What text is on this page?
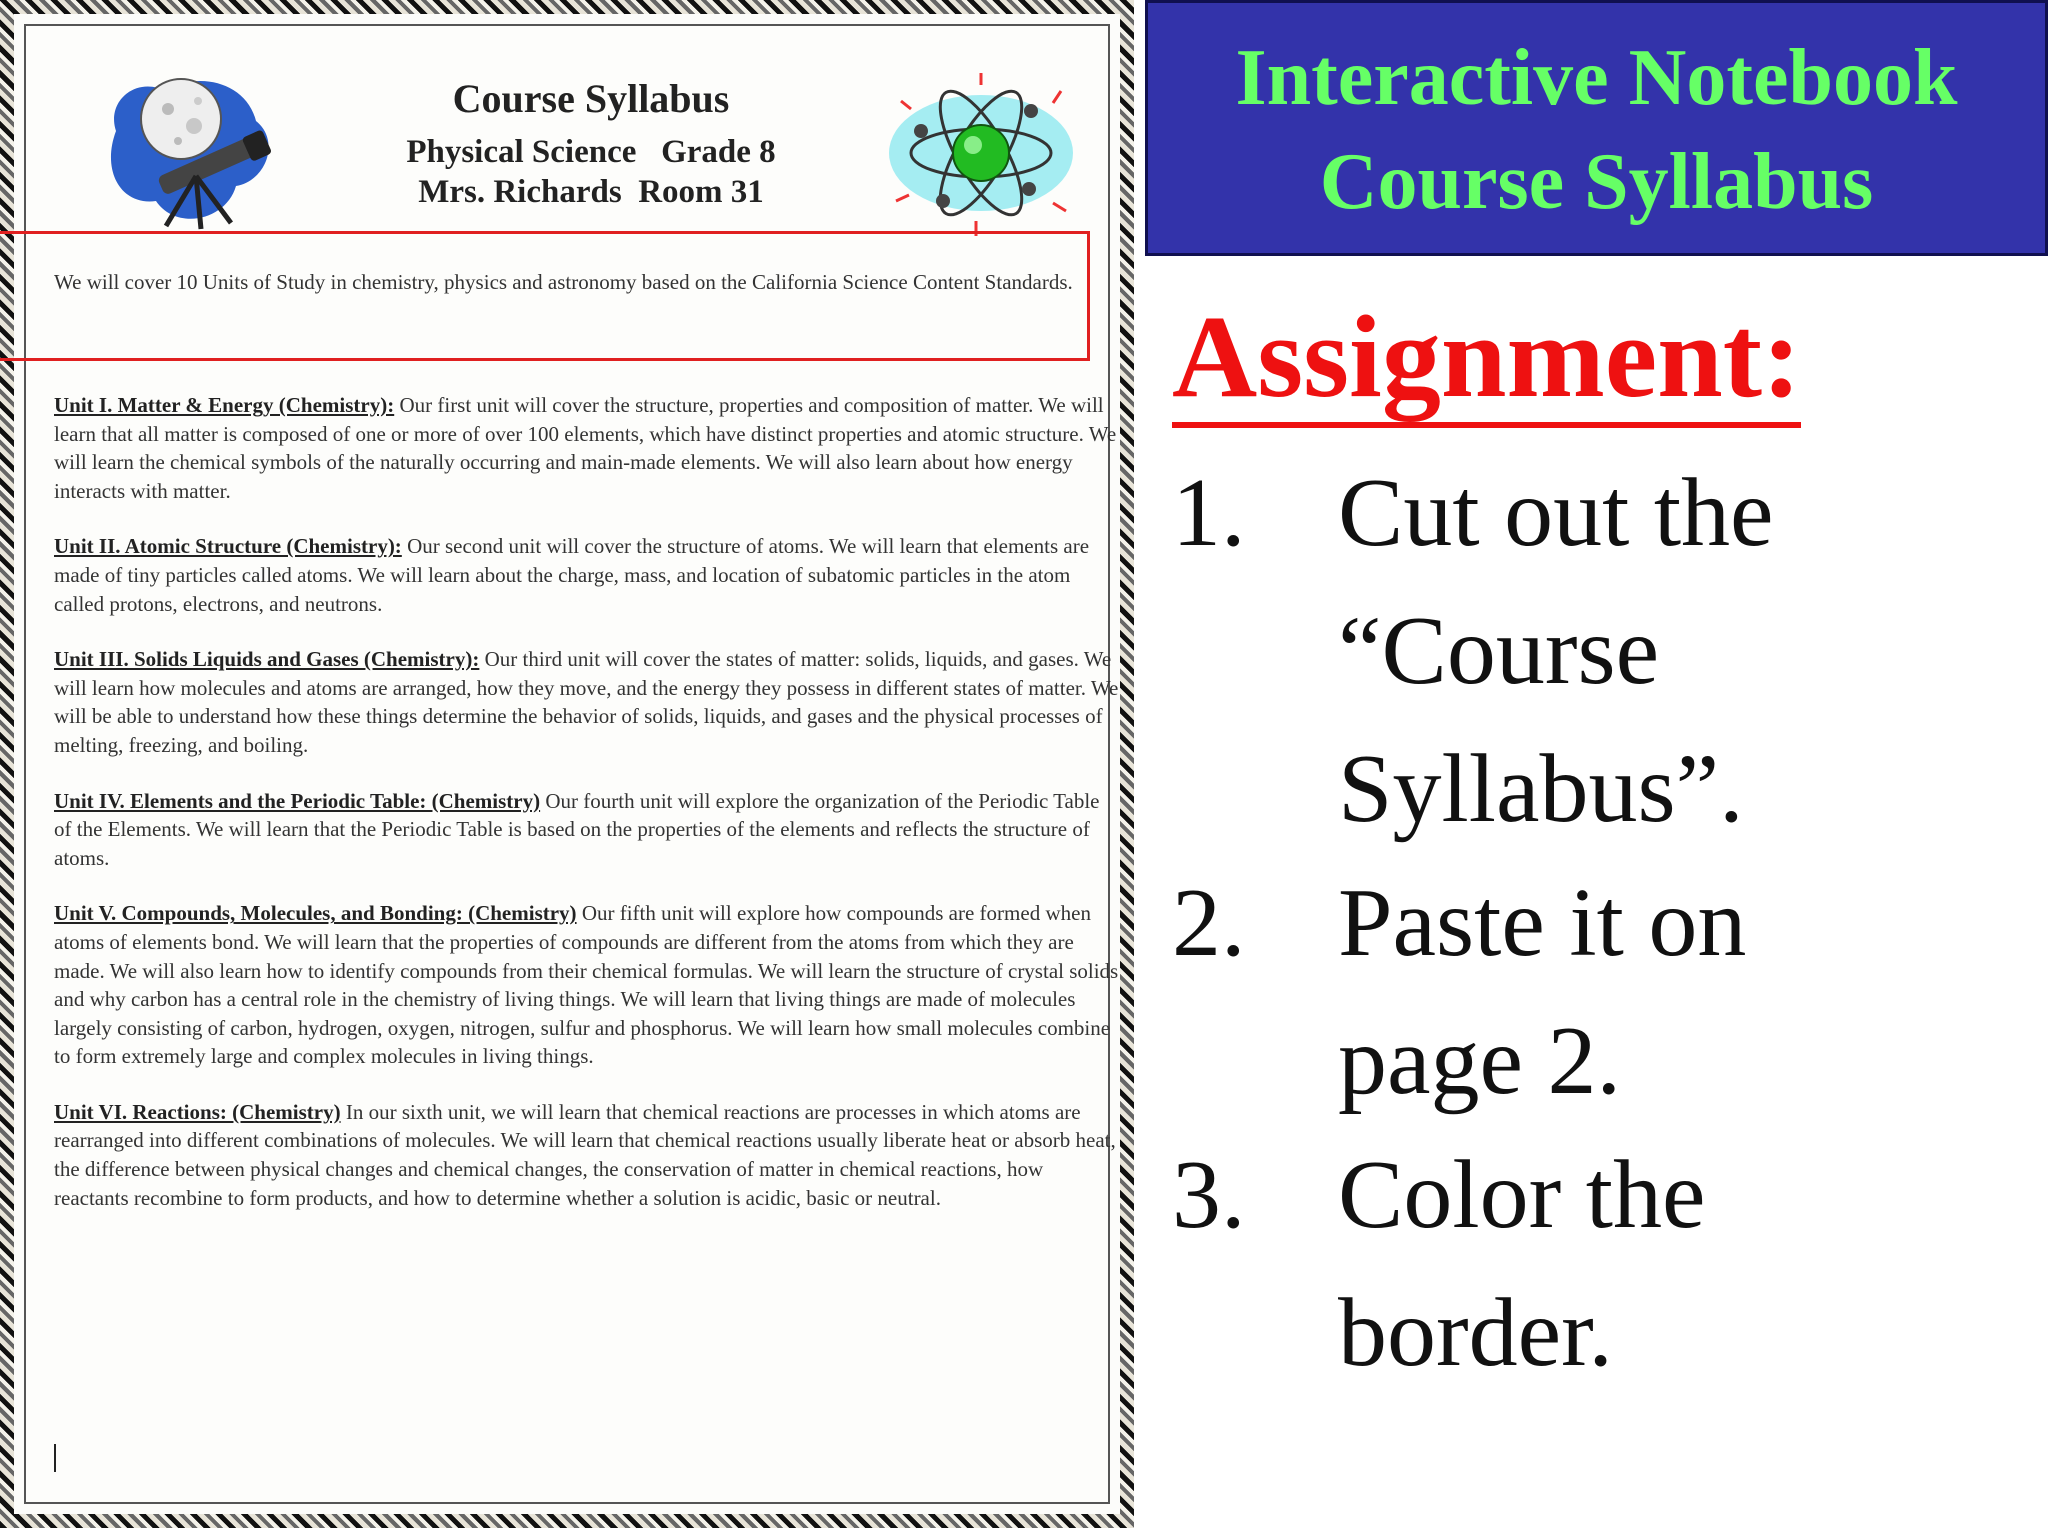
Course Syllabus
Physical Science   Grade 8
Mrs. Richards  Room 31
We will cover 10 Units of Study in chemistry, physics and astronomy based on the California Science Content Standards.

Unit I. Matter & Energy (Chemistry): Our first unit will cover the structure, properties and composition of matter. We will learn that all matter is composed of one or more of over 100 elements, which have distinct properties and atomic structure. We will learn the chemical symbols of the naturally occurring and main-made elements. We will also learn about how energy interacts with matter.

Unit II. Atomic Structure (Chemistry): Our second unit will cover the structure of atoms. We will learn that elements are made of tiny particles called atoms. We will learn about the charge, mass, and location of subatomic particles in the atom called protons, electrons, and neutrons.

Unit III. Solids Liquids and Gases (Chemistry): Our third unit will cover the states of matter: solids, liquids, and gases. We will learn how molecules and atoms are arranged, how they move, and the energy they possess in different states of matter. We will be able to understand how these things determine the behavior of solids, liquids, and gases and the physical processes of melting, freezing, and boiling.

Unit IV. Elements and the Periodic Table: (Chemistry) Our fourth unit will explore the organization of the Periodic Table of the Elements. We will learn that the Periodic Table is based on the properties of the elements and reflects the structure of atoms.

Unit V. Compounds, Molecules, and Bonding: (Chemistry) Our fifth unit will explore how compounds are formed when atoms of elements bond. We will learn that the properties of compounds are different from the atoms from which they are made. We will also learn how to identify compounds from their chemical formulas. We will learn the structure of crystal solids and why carbon has a central role in the chemistry of living things. We will learn that living things are made of molecules largely consisting of carbon, hydrogen, oxygen, nitrogen, sulfur and phosphorus. We will learn how small molecules combine to form extremely large and complex molecules in living things.

Unit VI. Reactions: (Chemistry) In our sixth unit, we will learn that chemical reactions are processes in which atoms are rearranged into different combinations of molecules. We will learn that chemical reactions usually liberate heat or absorb heat, the difference between physical changes and chemical changes, the conservation of matter in chemical reactions, how reactants recombine to form products, and how to determine whether a solution is acidic, basic or neutral.

Interactive Notebook
Course Syllabus
Assignment:
1. Cut out the
“Course
Syllabus”.
2. Paste it on
page 2.
3. Color the
border.
